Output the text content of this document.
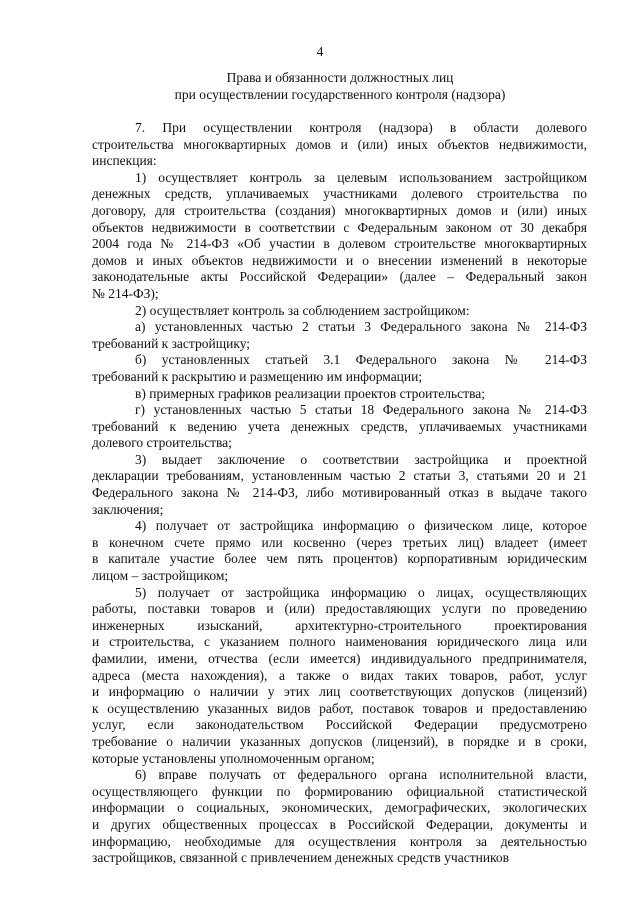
4
Права и обязанности должностных лиц
при осуществлении государственного контроля (надзора)
7. При осуществлении контроля (надзора) в области долевого
строительства многоквартирных домов и (или) иных объектов недвижимости,
инспекция:
1) осуществляет контроль за целевым использованием застройщиком
денежных средств, уплачиваемых участниками долевого строительства по
договору, для строительства (создания) многоквартирных домов и (или) иных
объектов недвижимости в соответствии с Федеральным законом от 30 декабря
2004 года № 214-ФЗ «Об участии в долевом строительстве многоквартирных
домов и иных объектов недвижимости и о внесении изменений в некоторые
законодательные акты Российской Федерации» (далее – Федеральный закон
№ 214-ФЗ);
2) осуществляет контроль за соблюдением застройщиком:
а) установленных частью 2 статьи 3 Федерального закона № 214-ФЗ
требований к застройщику;
б) установленных статьей 3.1 Федерального закона № 214-ФЗ
требований к раскрытию и размещению им информации;
в) примерных графиков реализации проектов строительства;
г) установленных частью 5 статьи 18 Федерального закона № 214-ФЗ
требований к ведению учета денежных средств, уплачиваемых участниками
долевого строительства;
3) выдает заключение о соответствии застройщика и проектной
декларации требованиям, установленным частью 2 статьи 3, статьями 20 и 21
Федерального закона № 214-ФЗ, либо мотивированный отказ в выдаче такого
заключения;
4) получает от застройщика информацию о физическом лице, которое
в конечном счете прямо или косвенно (через третьих лиц) владеет (имеет
в капитале участие более чем пять процентов) корпоративным юридическим
лицом – застройщиком;
5) получает от застройщика информацию о лицах, осуществляющих
работы, поставки товаров и (или) предоставляющих услуги по проведению
инженерных изысканий, архитектурно-строительного проектирования
и строительства, с указанием полного наименования юридического лица или
фамилии, имени, отчества (если имеется) индивидуального предпринимателя,
адреса (места нахождения), а также о видах таких товаров, работ, услуг
и информацию о наличии у этих лиц соответствующих допусков (лицензий)
к осуществлению указанных видов работ, поставок товаров и предоставлению
услуг, если законодательством Российской Федерации предусмотрено
требование о наличии указанных допусков (лицензий), в порядке и в сроки,
которые установлены уполномоченным органом;
6) вправе получать от федерального органа исполнительной власти,
осуществляющего функции по формированию официальной статистической
информации о социальных, экономических, демографических, экологических
и других общественных процессах в Российской Федерации, документы и
информацию, необходимые для осуществления контроля за деятельностью
застройщиков, связанной с привлечением денежных средств участников
